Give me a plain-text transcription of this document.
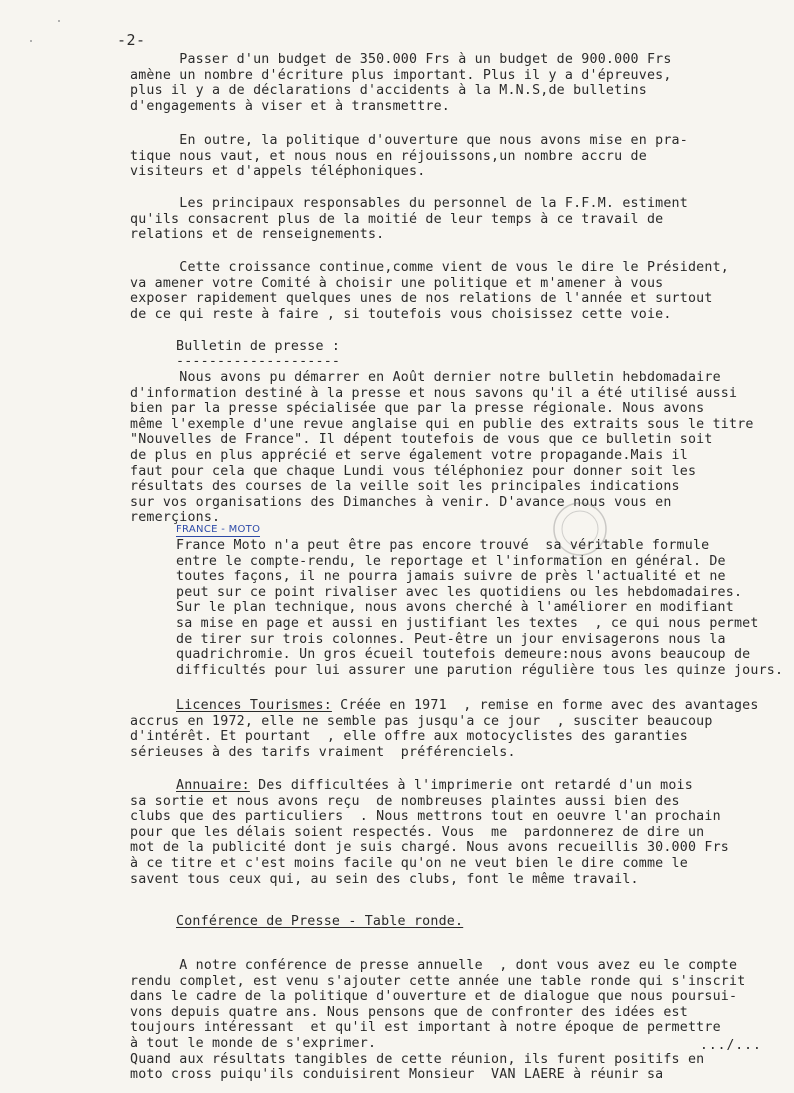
-2-
Passer d'un budget de 350.000 Frs à un budget de 900.000 Frs
amène un nombre d'écriture plus important. Plus il y a d'épreuves,
plus il y a de déclarations d'accidents à la M.N.S,de bulletins
d'engagements à viser et à transmettre.
En outre, la politique d'ouverture que nous avons mise en pra-
tique nous vaut, et nous nous en réjouissons,un nombre accru de
visiteurs et d'appels téléphoniques.
Les principaux responsables du personnel de la F.F.M. estiment
qu'ils consacrent plus de la moitié de leur temps à ce travail de
relations et de renseignements.
Cette croissance continue,comme vient de vous le dire le Président,
va amener votre Comité à choisir une politique et m'amener à vous
exposer rapidement quelques unes de nos relations de l'année et surtout
de ce qui reste à faire , si toutefois vous choisissez cette voie.
Bulletin de presse :
--------------------
Nous avons pu démarrer en Août dernier notre bulletin hebdomadaire
d'information destiné à la presse et nous savons qu'il a été utilisé aussi
bien par la presse spécialisée que par la presse régionale. Nous avons
même l'exemple d'une revue anglaise qui en publie des extraits sous le titre
"Nouvelles de France". Il dépent toutefois de vous que ce bulletin soit
de plus en plus apprécié et serve également votre propagande.Mais il
faut pour cela que chaque Lundi vous téléphoniez pour donner soit les
résultats des courses de la veille soit les principales indications
sur vos organisations des Dimanches à venir. D'avance nous vous en
remerçions.
FRANCE - MOTO
France Moto n'a peut être pas encore trouvé  sa véritable formule
entre le compte-rendu, le reportage et l'information en général. De
toutes façons, il ne pourra jamais suivre de près l'actualité et ne
peut sur ce point rivaliser avec les quotidiens ou les hebdomadaires.
Sur le plan technique, nous avons cherché à l'améliorer en modifiant
sa mise en page et aussi en justifiant les textes  , ce qui nous permet
de tirer sur trois colonnes. Peut-être un jour envisagerons nous la
quadrichromie. Un gros écueil toutefois demeure:nous avons beaucoup de
difficultés pour lui assurer une parution régulière tous les quinze jours.
Licences Tourismes: Créée en 1971  , remise en forme avec des avantages
accrus en 1972, elle ne semble pas jusqu'a ce jour  , susciter beaucoup
d'intérêt. Et pourtant  , elle offre aux motocyclistes des garanties
sérieuses à des tarifs vraiment  préférenciels.
Annuaire: Des difficultées à l'imprimerie ont retardé d'un mois
sa sortie et nous avons reçu  de nombreuses plaintes aussi bien des
clubs que des particuliers  . Nous mettrons tout en oeuvre l'an prochain
pour que les délais soient respectés. Vous  me  pardonnerez de dire un
mot de la publicité dont je suis chargé. Nous avons recueillis 30.000 Frs
à ce titre et c'est moins facile qu'on ne veut bien le dire comme le
savent tous ceux qui, au sein des clubs, font le même travail.
Conférence de Presse - Table ronde.
A notre conférence de presse annuelle  , dont vous avez eu le compte
rendu complet, est venu s'ajouter cette année une table ronde qui s'inscrit
dans le cadre de la politique d'ouverture et de dialogue que nous poursui-
vons depuis quatre ans. Nous pensons que de confronter des idées est
toujours intéressant  et qu'il est important à notre époque de permettre
à tout le monde de s'exprimer.
Quand aux résultats tangibles de cette réunion, ils furent positifs en
moto cross puiqu'ils conduisirent Monsieur  VAN LAERE à réunir sa
.../...
